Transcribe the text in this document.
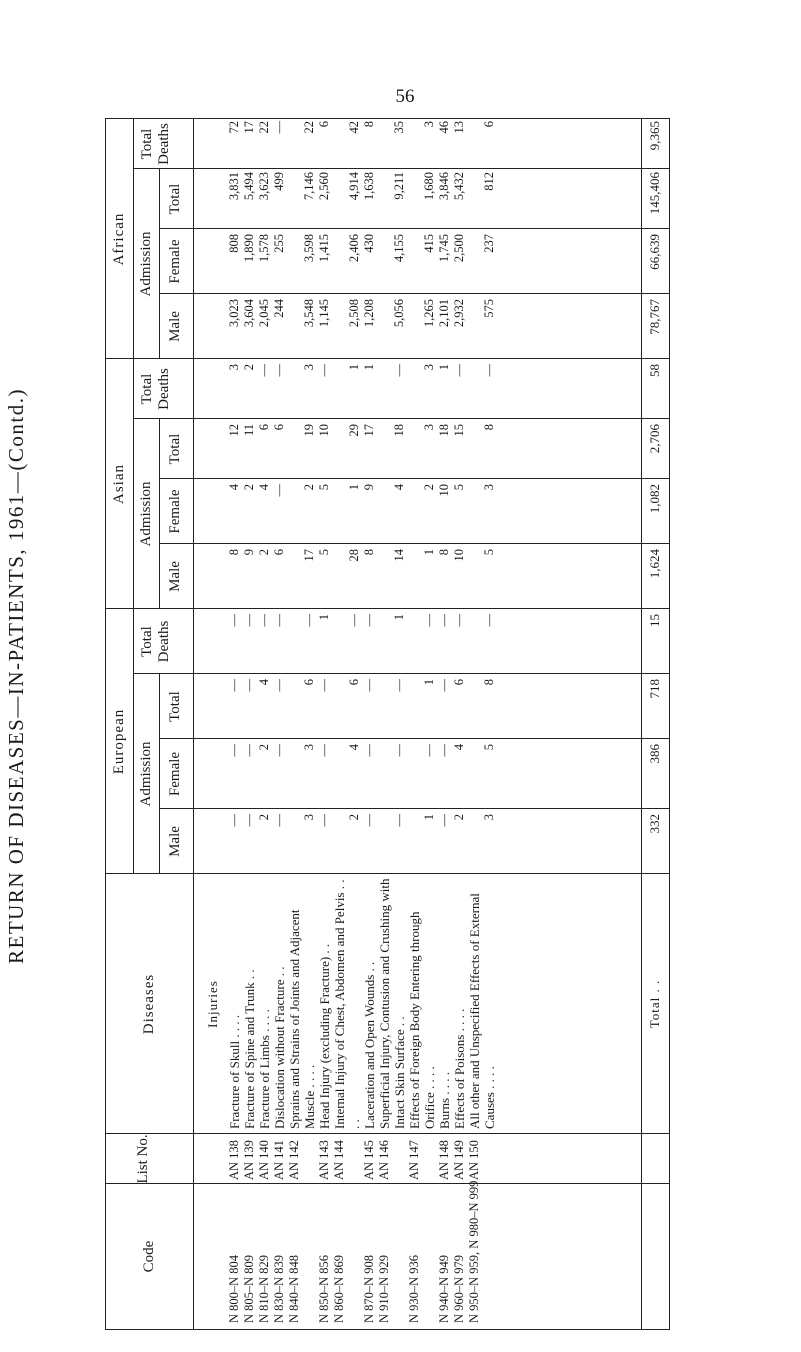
56
RETURN OF DISEASES—IN-PATIENTS, 1961—(Contd.)
Code
List No.
Diseases
European Admission
Male
Female
Total
Total Deaths
Asian Admission
Male
Female
Total
Total Deaths
African Admission
Male
Female
Total
Total Deaths
Injuries
N 800–N 804
AN 138
Fracture of Skull . . . .
—
—
—
—
8
4
12
3
3,023
808
3,831
72
N 805–N 809
AN 139
Fracture of Spine and Trunk . .
—
—
—
—
9
2
11
2
3,604
1,890
5,494
17
N 810–N 829
AN 140
Fracture of Limbs . . . .
2
2
4
—
2
4
6
—
2,045
1,578
3,623
22
N 830–N 839
AN 141
Dislocation without Fracture . .
—
—
—
—
6
—
6
—
244
255
499
—
N 840–N 848
AN 142
Sprains and Strains of Joints and Adjacent Muscle . . . .
3
3
6
—
17
2
19
3
3,548
3,598
7,146
22
N 850–N 856
AN 143
Head Injury (excluding Fracture) . .
—
—
—
1
5
5
10
—
1,145
1,415
2,560
6
N 860–N 869
AN 144
Internal Injury of Chest, Abdomen and Pelvis . . . .
2
4
6
—
28
1
29
1
2,508
2,406
4,914
42
N 870–N 908
AN 145
Laceration and Open Wounds . .
—
—
—
—
8
9
17
1
1,208
430
1,638
8
N 910–N 929
AN 146
Superficial Injury, Contusion and Crushing with Intact Skin Surface . .
—
—
—
1
14
4
18
—
5,056
4,155
9,211
35
N 930–N 936
AN 147
Effects of Foreign Body Entering through Orifice . . . .
1
—
1
—
1
2
3
3
1,265
415
1,680
3
N 940–N 949
AN 148
Burns . . . .
—
—
—
—
8
10
18
1
2,101
1,745
3,846
46
N 960–N 979
AN 149
Effects of Poisons . . . .
2
4
6
—
10
5
15
—
2,932
2,500
5,432
13
N 950–N 959, N 980–N 999
AN 150
All other and Unspecified Effects of External Causes . . . .
3
5
8
—
5
3
8
—
575
237
812
6
Total . .
332
386
718
15
1,624
1,082
2,706
58
78,767
66,639
145,406
9,365
